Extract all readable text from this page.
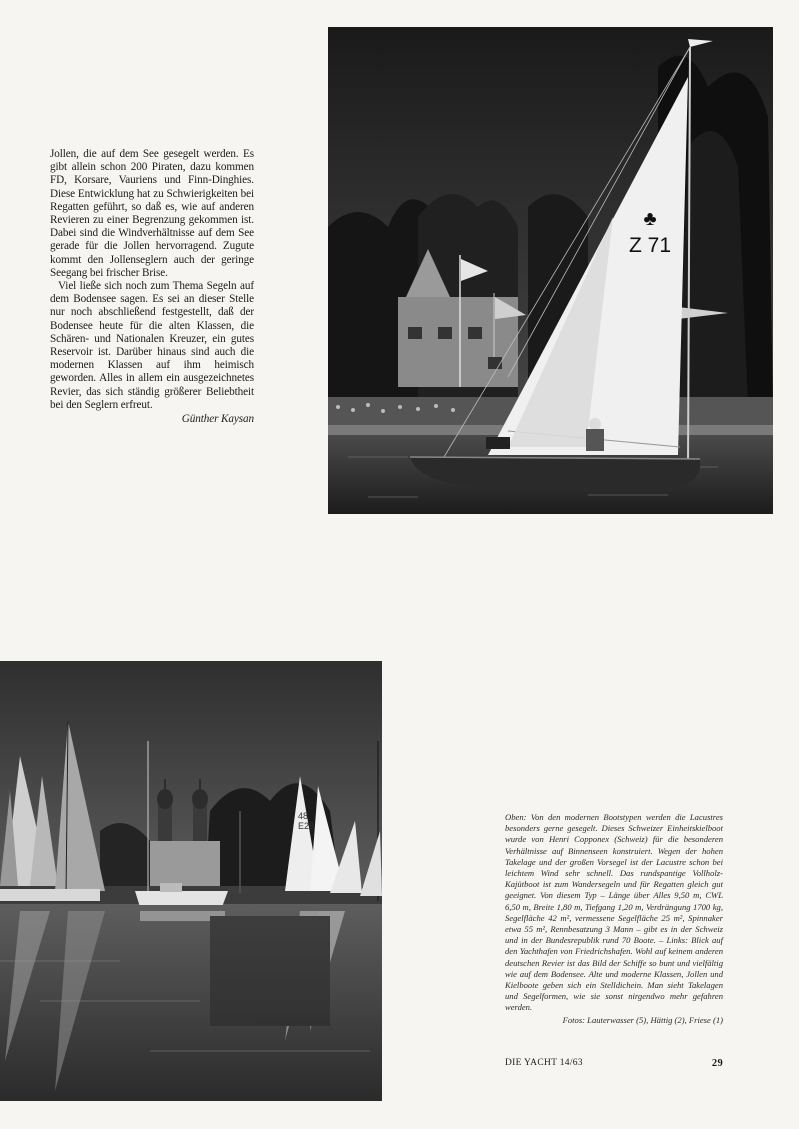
Jollen, die auf dem See gesegelt werden. Es gibt allein schon 200 Piraten, dazu kommen FD, Korsare, Vauriens und Finn-Dinghies. Diese Entwicklung hat zu Schwierigkeiten bei Regatten geführt, so daß es, wie auf anderen Revieren zu einer Begrenzung gekommen ist. Dabei sind die Windverhältnisse auf dem See gerade für die Jollen hervorragend. Zugute kommt den Jollenseglern auch der geringe Seegang bei frischer Brise.

Viel ließe sich noch zum Thema Segeln auf dem Bodensee sagen. Es sei an dieser Stelle nur noch abschließend festgestellt, daß der Bodensee heute für die alten Klassen, die Schären- und Nationalen Kreuzer, ein gutes Reservoir ist. Darüber hinaus sind auch die modernen Klassen auf ihm heimisch geworden. Alles in allem ein ausgezeichnetes Revier, das sich ständig größerer Beliebtheit bei den Seglern erfreut.

Günther Kaysan
♣
Z 71
48
E28
Oben: Von den modernen Bootstypen werden die Lacustres besonders gerne gesegelt. Dieses Schweizer Einheitskielboot wurde von Henri Copponex (Schweiz) für die besonderen Verhältnisse auf Binnenseen konstruiert. Wegen der hohen Takelage und der großen Vorsegel ist der Lacustre schon bei leichtem Wind sehr schnell. Das rundspantige Vollholz-Kajütboot ist zum Wandersegeln und für Regatten gleich gut geeignet. Von diesem Typ – Länge über Alles 9,50 m, CWL 6,50 m, Breite 1,80 m, Tiefgang 1,20 m, Verdrängung 1700 kg, Segelfläche 42 m², vermessene Segelfläche 25 m², Spinnaker etwa 55 m², Rennbesatzung 3 Mann – gibt es in der Schweiz und in der Bundesrepublik rund 70 Boote. – Links: Blick auf den Yachthafen von Friedrichshafen. Wohl auf keinem anderen deutschen Revier ist das Bild der Schiffe so bunt und vielfältig wie auf dem Bodensee. Alte und moderne Klassen, Jollen und Kielboote geben sich ein Stelldichein. Man sieht Takelagen und Segelformen, wie sie sonst nirgendwo mehr gefahren werden.
Fotos: Lauterwasser (5), Hättig (2), Friese (1)
DIE YACHT 14/63	29
